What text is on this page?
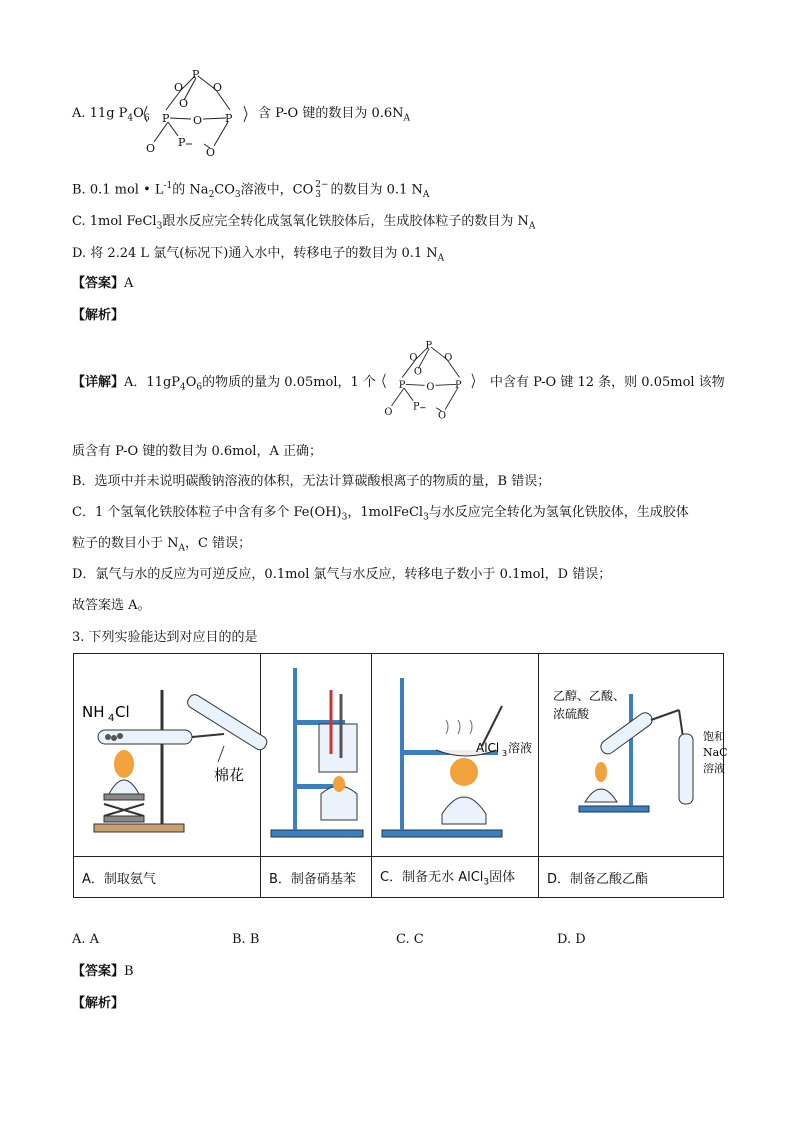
A. 11g $P_4O_6$
P
O	O
O
P O P
O P
O
含 P-O 键的数目为 $0.6N_A$
B. 0.1 mol • $L^{-1}$的 $Na_2CO_3$溶液中，CO 2−
3 的数目为 0.1 $N_A$
C. 1mol FeCl$_3$跟水反应完全转化成氢氧化铁胶体后，生成胶体粒子的数目为 $N_A$
D. 将 2.24 L 氯气(标况下)通入水中，转移电子的数目为 0.1 $N_A$
【答案】A
【解析】
【详解】A．$11gP_4O_6$的物质的量为 0.05mol，1 个
P
O O
O
P O P
O P
O
中含有 P-O 键 12 条，则 0.05mol 该物
质含有 P-O 键的数目为 0.6mol，A 正确；
B．选项中并未说明碳酸钠溶液的体积，无法计算碳酸根离子的物质的量，B 错误；
C．1 个氢氧化铁胶体粒子中含有多个 $Fe(OH)_3$，1molFeCl$_3$与水反应完全转化为氢氧化铁胶体，生成胶体
粒子的数目小于 $N_A$，C 错误；
D．氯气与水的反应为可逆反应，0.1mol 氯气与水反应，转移电子数小于 0.1mol，D 错误；
故答案选 A。
3. 下列实验能达到对应目的的是
NH 4 Cl
棉花		AlCl 3 溶液	乙醇、乙酸、
浓硫酸
饱和
NaC
溶液

A．制取氨气	B．制备硝基苯	C．制备无水 AlCl$_3$固体	D．制备乙酸乙酯
A. A	B. B	C. C	D. D
【答案】B
【解析】
